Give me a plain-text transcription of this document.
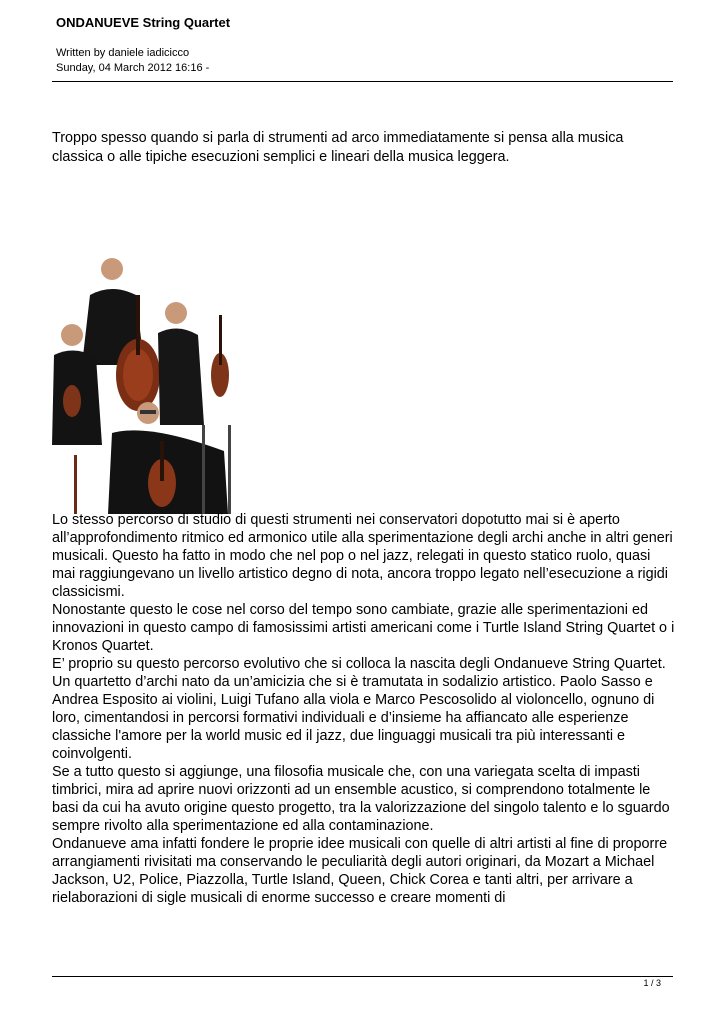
ONDANUEVE String Quartet
Written by daniele iadicicco
Sunday, 04 March 2012 16:16 -

Troppo spesso quando si parla di strumenti ad arco immediatamente si pensa alla musica classica o alle tipiche esecuzioni semplici e lineari della musica leggera.

Lo stesso percorso di studio di questi strumenti nei conservatori dopotutto mai si è aperto all’approfondimento ritmico ed armonico utile alla sperimentazione degli archi anche in altri generi musicali. Questo ha fatto in modo che nel pop o nel jazz, relegati in questo statico ruolo, quasi mai raggiungevano un livello artistico degno di nota, ancora troppo legato nell’esecuzione a rigidi classicismi.

Nonostante questo le cose nel corso del tempo sono cambiate, grazie alle sperimentazioni ed innovazioni in questo campo di famosissimi artisti americani come i Turtle Island String Quartet o i Kronos Quartet.

E’ proprio su questo percorso evolutivo che si colloca la nascita degli Ondanueve String Quartet.

Un quartetto d’archi nato da un’amicizia che si è tramutata in sodalizio artistico. Paolo Sasso e Andrea Esposito ai violini, Luigi Tufano alla viola e Marco Pescosolido al violoncello, ognuno di loro, cimentandosi in percorsi formativi individuali e d’insieme ha affiancato alle esperienze classiche l'amore per la world music ed il jazz, due linguaggi musicali tra più interessanti e coinvolgenti.

Se a tutto questo si aggiunge, una filosofia musicale che, con una variegata scelta di impasti timbrici, mira ad aprire nuovi orizzonti ad un ensemble acustico, si comprendono totalmente le basi da cui ha avuto origine questo progetto, tra la valorizzazione del singolo talento e lo sguardo sempre rivolto alla sperimentazione ed alla contaminazione.

Ondanueve ama infatti fondere le proprie idee musicali con quelle di altri artisti al fine di proporre arrangiamenti rivisitati ma conservando le peculiarità degli autori originari, da Mozart a Michael Jackson, U2, Police, Piazzolla, Turtle Island, Queen, Chick Corea e tanti altri, per arrivare a rielaborazioni di sigle musicali di enorme successo e creare momenti di

1 / 3
